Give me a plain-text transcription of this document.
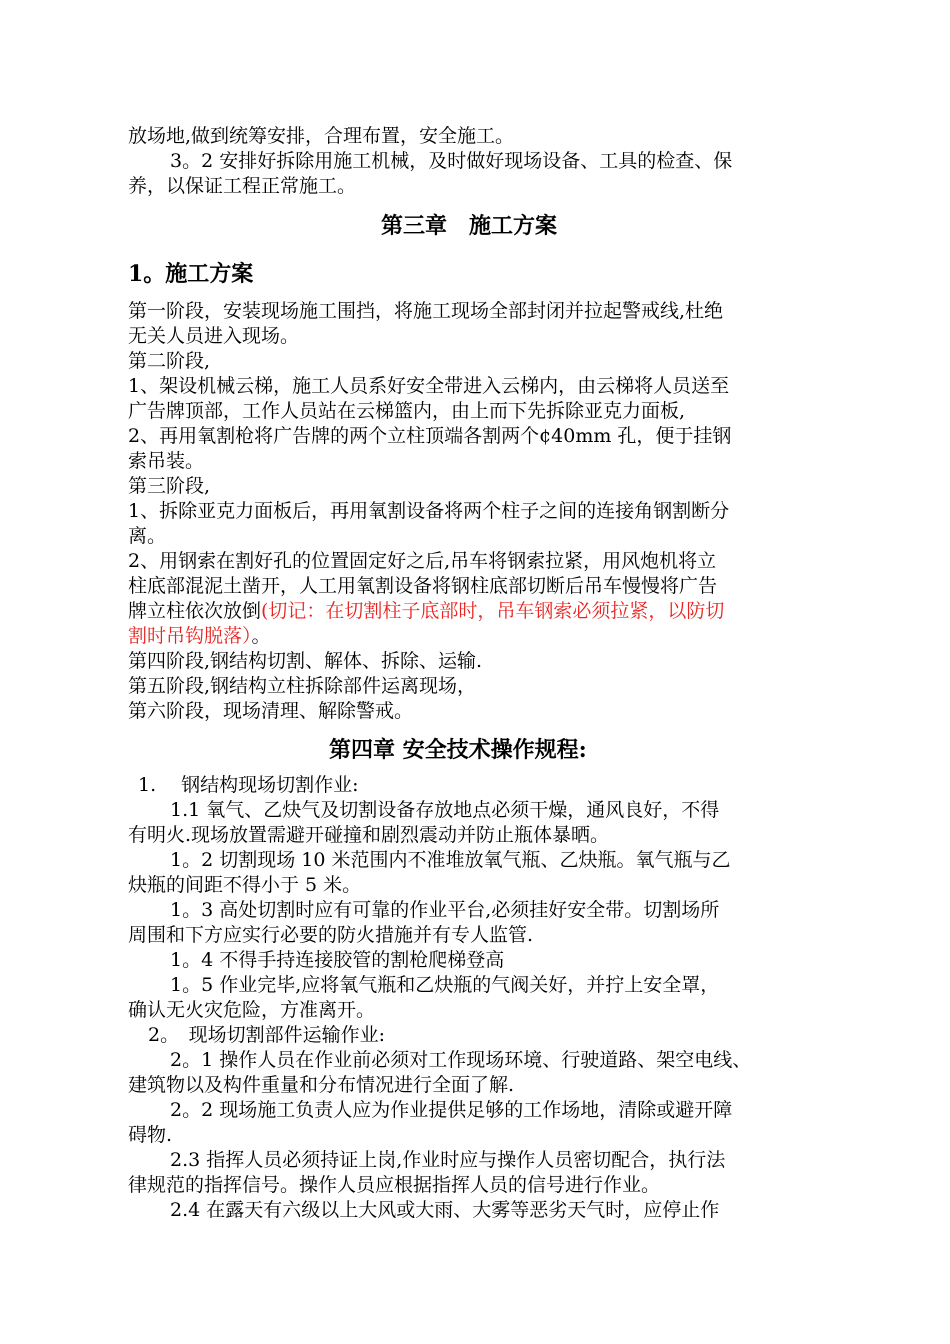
放场地,做到统筹安排，合理布置，安全施工。
3。2 安排好拆除用施工机械，及时做好现场设备、工具的检查、保
养，以保证工程正常施工。
第三章　施工方案
1。施工方案
第一阶段，安装现场施工围挡，将施工现场全部封闭并拉起警戒线,杜绝
无关人员进入现场。
第二阶段,
1、架设机械云梯，施工人员系好安全带进入云梯内，由云梯将人员送至
广告牌顶部，工作人员站在云梯篮内，由上而下先拆除亚克力面板,
2、再用氧割枪将广告牌的两个立柱顶端各割两个¢40mm 孔，便于挂钢
索吊装。
第三阶段,
1、拆除亚克力面板后，再用氧割设备将两个柱子之间的连接角钢割断分
离。
2、用钢索在割好孔的位置固定好之后,吊车将钢索拉紧，用风炮机将立
柱底部混泥土凿开，人工用氧割设备将钢柱底部切断后吊车慢慢将广告
牌立柱依次放倒(切记：在切割柱子底部时，吊车钢索必须拉紧，以防切
割时吊钩脱落）。
第四阶段,钢结构切割、解体、拆除、运输.
第五阶段,钢结构立柱拆除部件运离现场，
第六阶段，现场清理、解除警戒。
第四章 安全技术操作规程:
1.　 钢结构现场切割作业:
1.1 氧气、乙炔气及切割设备存放地点必须干燥，通风良好，不得
有明火.现场放置需避开碰撞和剧烈震动并防止瓶体暴晒。
1。2 切割现场 10 米范围内不准堆放氧气瓶、乙炔瓶。氧气瓶与乙
炔瓶的间距不得小于 5 米。
1。3 高处切割时应有可靠的作业平台,必须挂好安全带。切割场所
周围和下方应实行必要的防火措施并有专人监管.
1。4 不得手持连接胶管的割枪爬梯登高
1。5 作业完毕,应将氧气瓶和乙炔瓶的气阀关好，并拧上安全罩，
确认无火灾危险，方准离开。
2。　现场切割部件运输作业:
2。1 操作人员在作业前必须对工作现场环境、行驶道路、架空电线、
建筑物以及构件重量和分布情况进行全面了解.
2。2 现场施工负责人应为作业提供足够的工作场地，清除或避开障
碍物.
2.3 指挥人员必须持证上岗,作业时应与操作人员密切配合，执行法
律规范的指挥信号。操作人员应根据指挥人员的信号进行作业。
2.4 在露天有六级以上大风或大雨、大雾等恶劣天气时，应停止作
